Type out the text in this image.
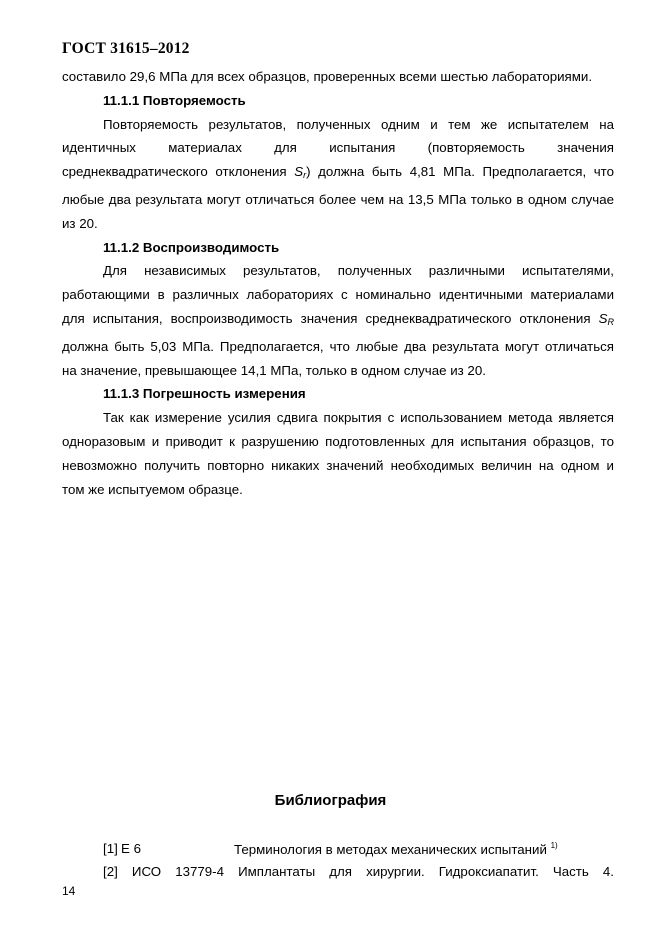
ГОСТ 31615–2012

составило 29,6 МПа для всех образцов, проверенных всеми шестью лабораториями.

11.1.1 Повторяемость

Повторяемость результатов, полученных одним и тем же испытателем на

идентичных материалах для испытания (повторяемость значения

среднеквадратического отклонения $S_r$) должна быть 4,81 МПа. Предполагается, что

любые два результата могут отличаться более чем на 13,5 МПа только в одном случае

из 20.

11.1.2 Воспроизводимость

Для независимых результатов, полученных различными испытателями,

работающими в различных лабораториях с номинально идентичными материалами

для испытания, воспроизводимость значения среднеквадратического отклонения $S_R$

должна быть 5,03 МПа. Предполагается, что любые два результата могут отличаться

на значение, превышающее 14,1 МПа, только в одном случае из 20.

11.1.3 Погрешность измерения

Так как измерение усилия сдвига покрытия с использованием метода является

одноразовым и приводит к разрушению подготовленных для испытания образцов, то

невозможно получить повторно никаких значений необходимых величин на одном и

том же испытуемом образце.

Библиография
[1] E 6	Терминология в методах механических испытаний $^{1)}$
[2] ИСО 13779-4 Имплантаты для хирургии. Гидроксиапатит. Часть 4.
14
